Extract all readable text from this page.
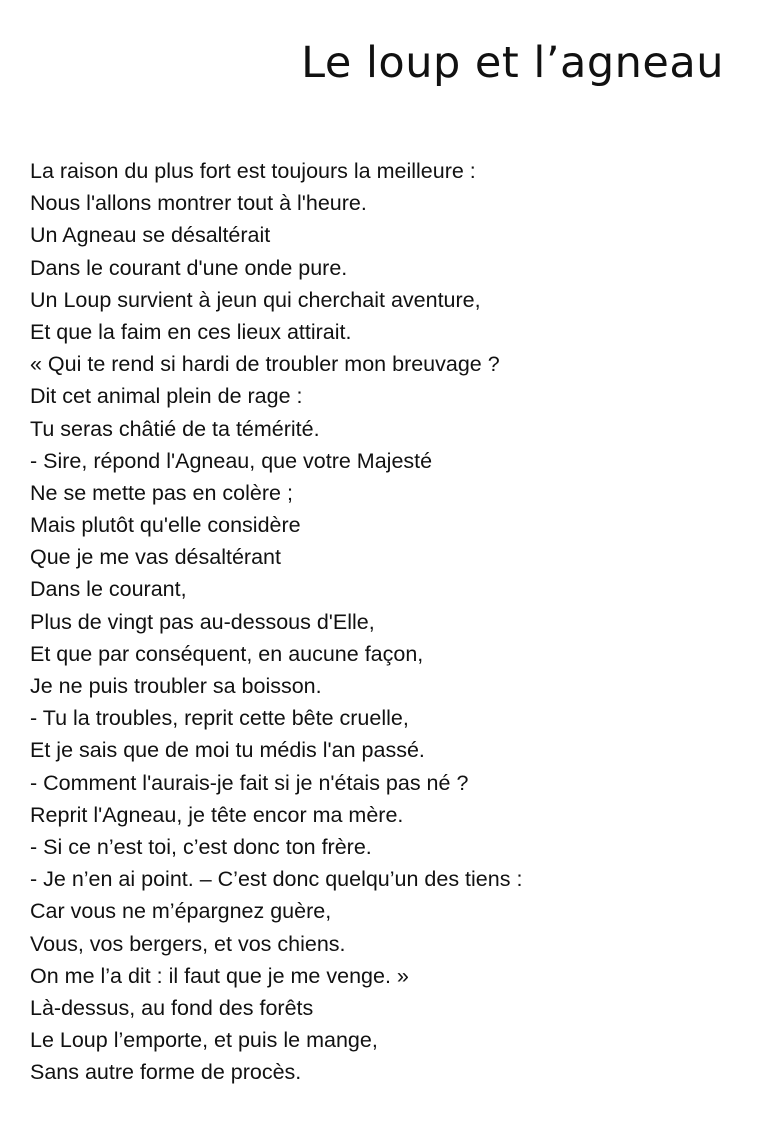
Le loup et l’agneau
La raison du plus fort est toujours la meilleure :
Nous l'allons montrer tout à l'heure.
Un Agneau se désaltérait
Dans le courant d'une onde pure.
Un Loup survient à jeun qui cherchait aventure,
Et que la faim en ces lieux attirait.
« Qui te rend si hardi de troubler mon breuvage ?
Dit cet animal plein de rage :
Tu seras châtié de ta témérité.
- Sire, répond l'Agneau, que votre Majesté
Ne se mette pas en colère ;
Mais plutôt qu'elle considère
Que je me vas désaltérant
Dans le courant,
Plus de vingt pas au-dessous d'Elle,
Et que par conséquent, en aucune façon,
Je ne puis troubler sa boisson.
- Tu la troubles, reprit cette bête cruelle,
Et je sais que de moi tu médis l'an passé.
- Comment l'aurais-je fait si je n'étais pas né ?
Reprit l'Agneau, je tête encor ma mère.
- Si ce n’est toi, c’est donc ton frère.
- Je n’en ai point. – C’est donc quelqu’un des tiens :
Car vous ne m’épargnez guère,
Vous, vos bergers, et vos chiens.
On me l’a dit : il faut que je me venge. »
Là-dessus, au fond des forêts
Le Loup l’emporte, et puis le mange,
Sans autre forme de procès.
